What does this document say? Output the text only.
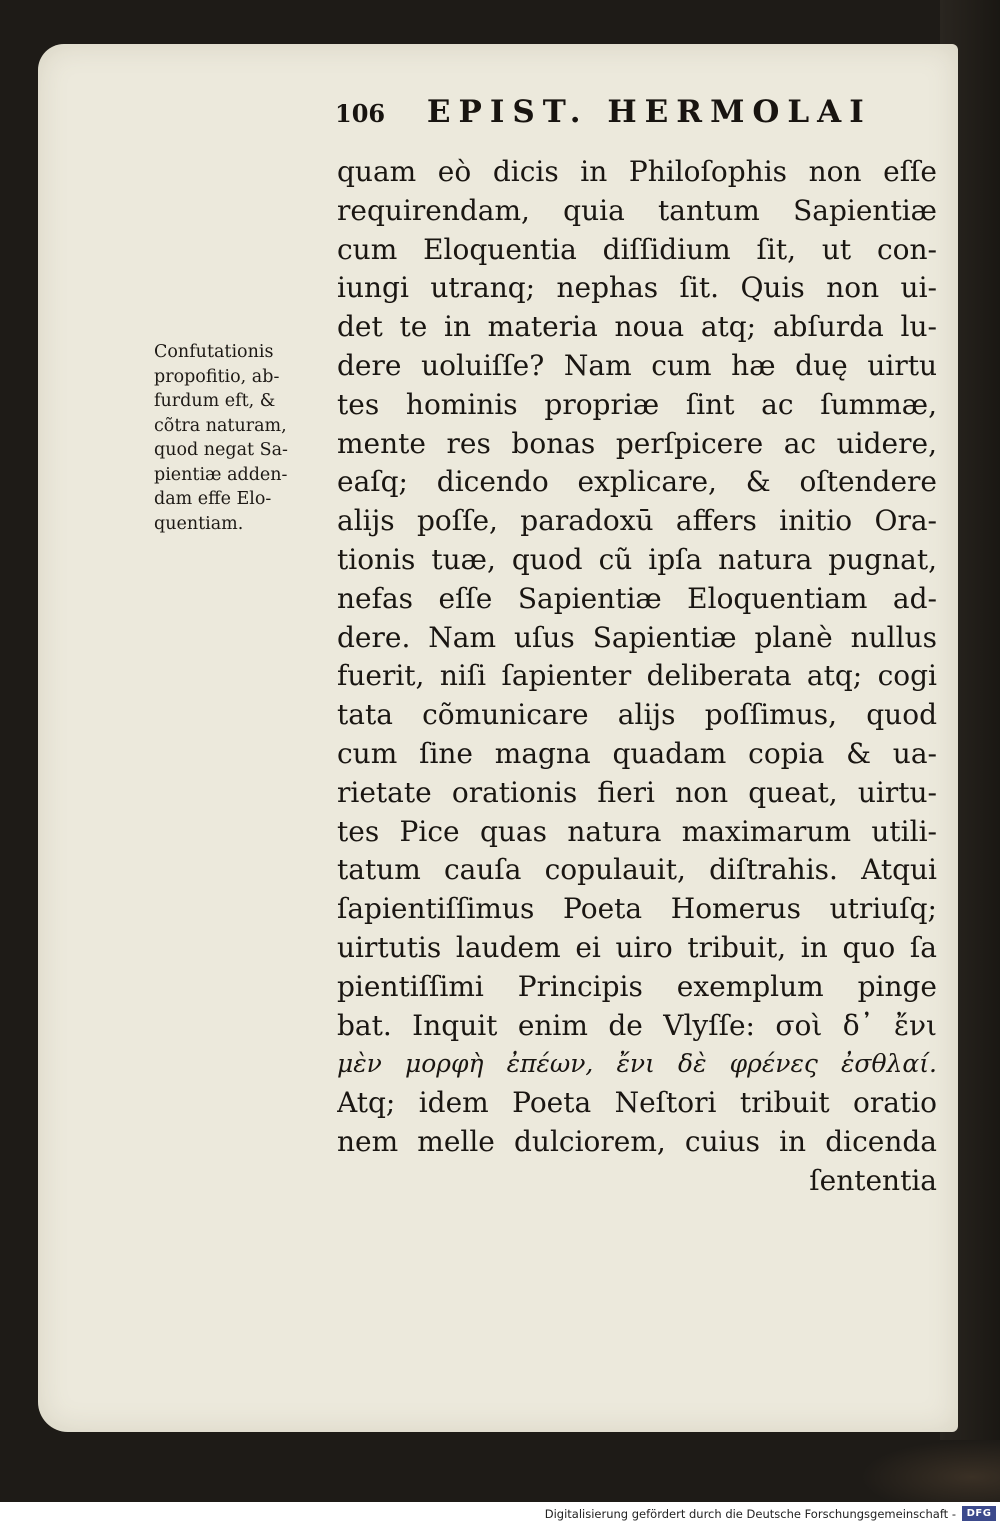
106 EPIST. HERMOLAI
Confutationis
propofitio, ab-
furdum eft, &
cõtra naturam,
quod negat Sa-
pientiæ adden-
dam effe Elo-
quentiam.
quam eò dicis in Philoſophis non eſſe
requirendam, quia tantum Sapientiæ
cum Eloquentia diſſidium ſit, ut con-
iungi utranq; nephas ſit. Quis non ui-
det te in materia noua atq; abſurda lu-
dere uoluiſſe? Nam cum hæ duę uirtu
tes hominis propriæ ſint ac ſummæ,
mente res bonas perſpicere ac uidere,
eaſq; dicendo explicare, & oſtendere
alijs poſſe, paradoxū affers initio Ora-
tionis tuæ, quod cũ ipſa natura pugnat,
nefas eſſe Sapientiæ Eloquentiam ad-
dere. Nam uſus Sapientiæ planè nullus
fuerit, niſi ſapienter deliberata atq; cogi
tata cõmunicare alijs poſſimus, quod
cum ſine magna quadam copia & ua-
rietate orationis fieri non queat, uirtu-
tes Pice quas natura maximarum utili-
tatum cauſa copulauit, diſtrahis. Atqui
ſapientiſſimus Poeta Homerus utriuſq;
uirtutis laudem ei uiro tribuit, in quo ſa
pientiſſimi Principis exemplum pinge
bat. Inquit enim de Vlyſſe: σοὶ δ᾽ ἔνι
μὲν μορφὴ ἐπέων, ἔνι δὲ φρένες ἐσθλαί.
Atq; idem Poeta Neſtori tribuit oratio
nem melle dulciorem, cuius in dicenda
ſententia
Digitalisierung gefördert durch die Deutsche Forschungsgemeinschaft -	DFG
